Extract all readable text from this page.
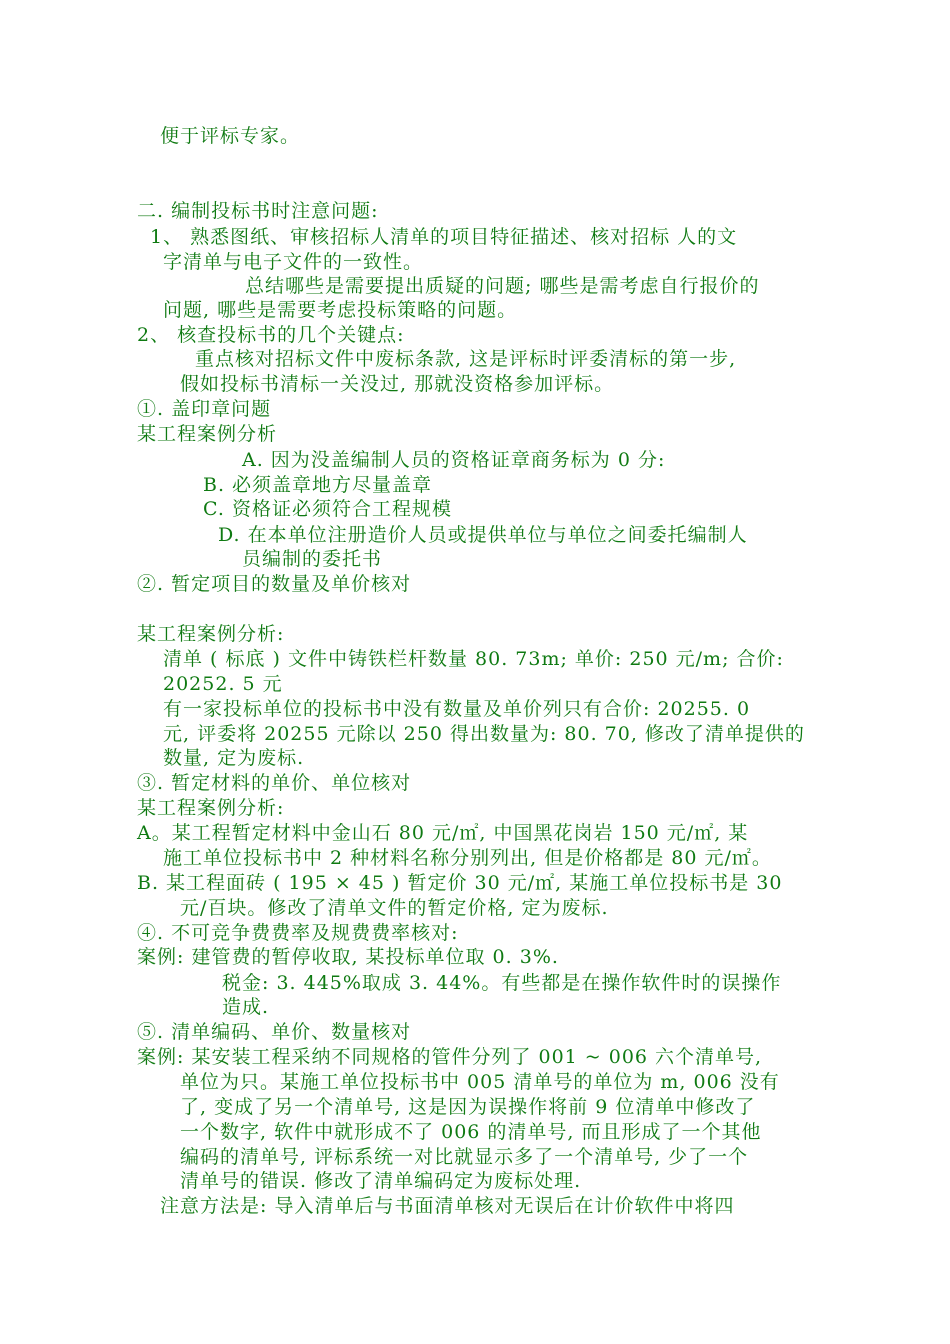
便于评标专家。
二. 编制投标书时注意问题:
1、 熟悉图纸、审核招标人清单的项目特征描述、核对招标 人的文
字清单与电子文件的一致性。
总结哪些是需要提出质疑的问题; 哪些是需考虑自行报价的
问题, 哪些是需要考虑投标策略的问题。
2、 核查投标书的几个关键点:
重点核对招标文件中废标条款, 这是评标时评委清标的第一步,
假如投标书清标一关没过, 那就没资格参加评标。
①. 盖印章问题
某工程案例分析
A. 因为没盖编制人员的资格证章商务标为 0 分:
B. 必须盖章地方尽量盖章
C. 资格证必须符合工程规模
D. 在本单位注册造价人员或提供单位与单位之间委托编制人
员编制的委托书
②. 暂定项目的数量及单价核对
某工程案例分析:
清单 ( 标底 ) 文件中铸铁栏杆数量 80. 73m; 单价: 250 元/m; 合价:
20252. 5 元
有一家投标单位的投标书中没有数量及单价列只有合价: 20255. 0
元, 评委将 20255 元除以 250 得出数量为: 80. 70, 修改了清单提供的
数量, 定为废标.
③. 暂定材料的单价、单位核对
某工程案例分析:
A。某工程暂定材料中金山石 80 元/㎡, 中国黑花岗岩 150 元/㎡, 某
施工单位投标书中 2 种材料名称分别列出, 但是价格都是 80 元/㎡。
B. 某工程面砖 ( 195 × 45 ) 暂定价 30 元/㎡, 某施工单位投标书是 30
元/百块。修改了清单文件的暂定价格, 定为废标.
④. 不可竞争费费率及规费费率核对:
案例: 建管费的暂停收取, 某投标单位取 0. 3%.
税金: 3. 445%取成 3. 44%。有些都是在操作软件时的误操作
造成.
⑤. 清单编码、单价、数量核对
案例: 某安装工程采纳不同规格的管件分列了 001 ~ 006 六个清单号,
单位为只。某施工单位投标书中 005 清单号的单位为 m, 006 没有
了, 变成了另一个清单号, 这是因为误操作将前 9 位清单中修改了
一个数字, 软件中就形成不了 006 的清单号, 而且形成了一个其他
编码的清单号, 评标系统一对比就显示多了一个清单号, 少了一个
清单号的错误. 修改了清单编码定为废标处理.
注意方法是: 导入清单后与书面清单核对无误后在计价软件中将四
